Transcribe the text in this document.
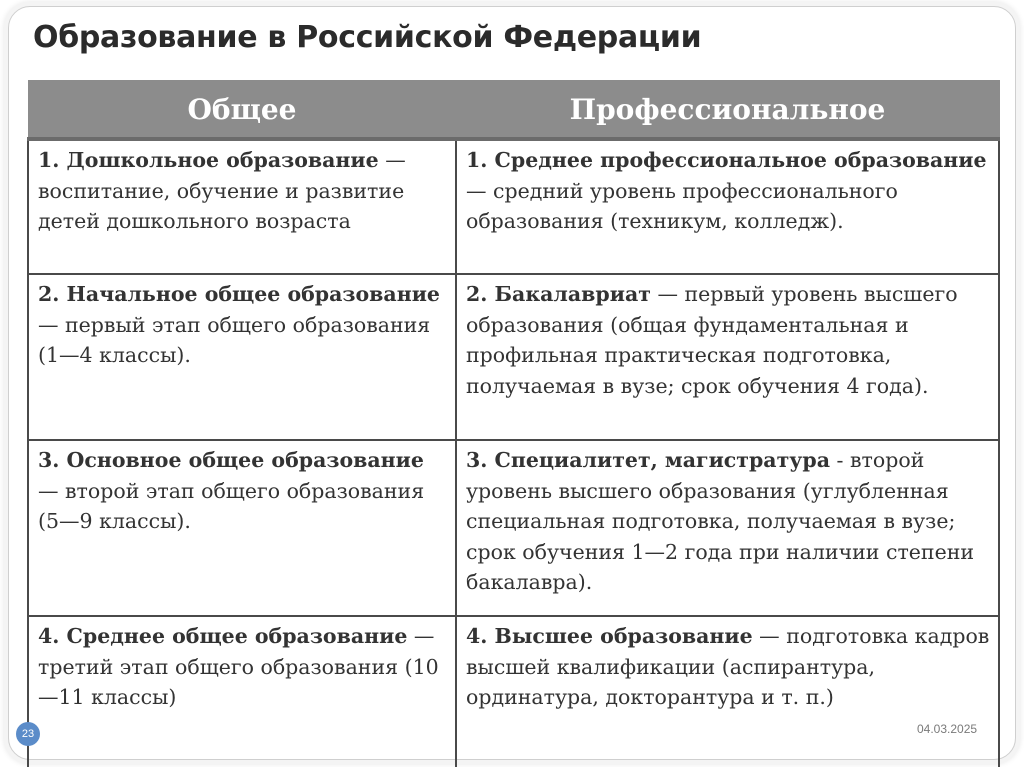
Образование в Российской Федерации
Общее	Профессиональное
1. Дошкольное образование — воспитание, обучение и развитие детей дошкольного возраста	1. Среднее профессиональное образование — средний уровень профессионального образования (техникум, колледж).
2. Начальное общее образование — первый этап общего образования (1—4 классы).	2. Бакалавриат — первый уровень высшего образования (общая фундаментальная и профильная практическая подготовка, получаемая в вузе; срок обучения 4 года).
3. Основное общее образование — второй этап общего образования (5—9 классы).	3. Специалитет, магистратура - второй уровень высшего образования (углубленная специальная подготовка, получаемая в вузе; срок обучения 1—2 года при наличии степени бакалавра).
4. Среднее общее образование — третий этап общего образования (10—11 классы)	4. Высшее образование — подготовка кадров высшей квалификации (аспирантура, ординатура, докторантура и т. п.)
23	04.03.2025
